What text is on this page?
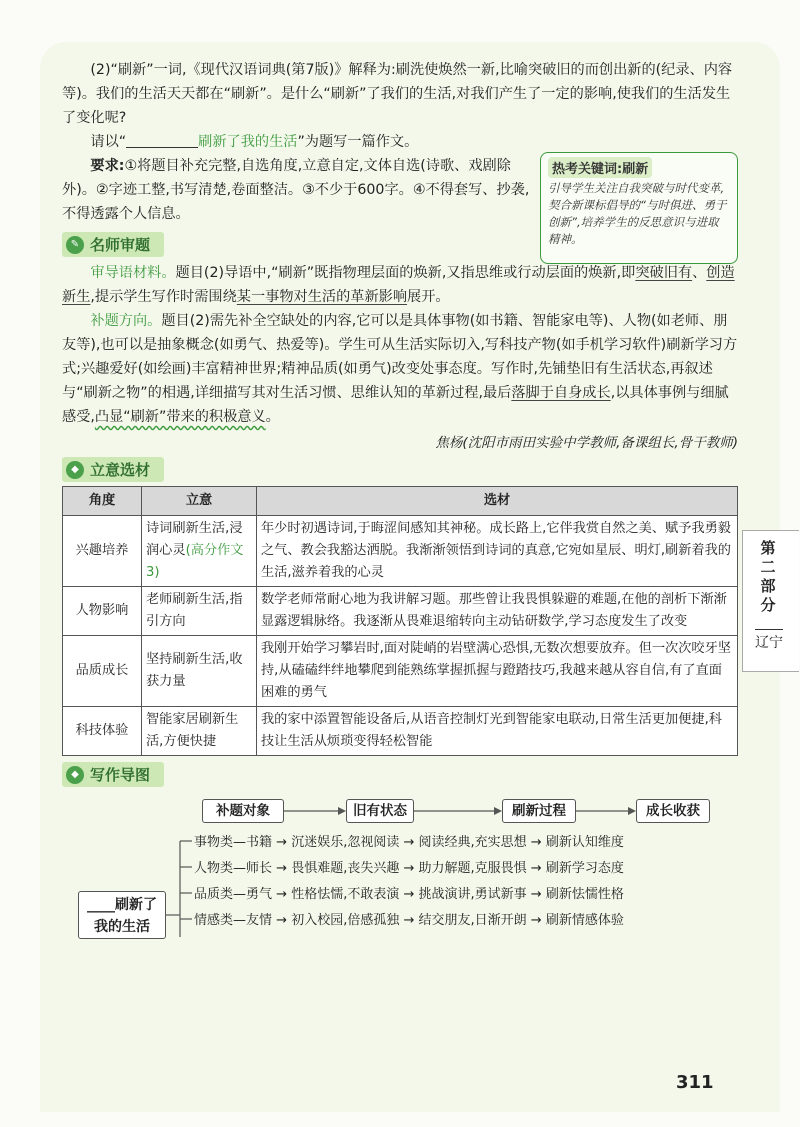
(2)“刷新”一词,《现代汉语词典(第7版)》解释为:刷洗使焕然一新,比喻突破旧的而创出新的(纪录、内容等)。我们的生活天天都在“刷新”。是什么“刷新”了我们的生活,对我们产生了一定的影响,使我们的生活发生了变化呢?

请以“	刷新了我的生活”为题写一篇作文。

要求:①将题目补充完整,自选角度,立意自定,文体自选(诗歌、戏剧除外)。②字迹工整,书写清楚,卷面整洁。③不少于600字。④不得套写、抄袭,不得透露个人信息。

热考关键词:刷新
引导学生关注自我突破与时代变革,契合新课标倡导的“与时俱进、勇于创新”,培养学生的反思意识与进取精神。
✎ 名师审题

审导语材料。题目(2)导语中,“刷新”既指物理层面的焕新,又指思维或行动层面的焕新,即突破旧有、创造新生,提示学生写作时需围绕某一事物对生活的革新影响展开。

补题方向。题目(2)需先补全空缺处的内容,它可以是具体事物(如书籍、智能家电等)、人物(如老师、朋友等),也可以是抽象概念(如勇气、热爱等)。学生可从生活实际切入,写科技产物(如手机学习软件)刷新学习方式;兴趣爱好(如绘画)丰富精神世界;精神品质(如勇气)改变处事态度。写作时,先铺垫旧有生活状态,再叙述与“刷新之物”的相遇,详细描写其对生活习惯、思维认知的革新过程,最后落脚于自身成长,以具体事例与细腻感受,凸显“刷新”带来的积极意义。

焦杨(沈阳市雨田实验中学教师,备课组长,骨干教师)
◆ 立意选材
角度	立意	选材
兴趣培养	诗词刷新生活,浸润心灵(高分作文3)	年少时初遇诗词,于晦涩间感知其神秘。成长路上,它伴我赏自然之美、赋予我勇毅之气、教会我豁达洒脱。我渐渐领悟到诗词的真意,它宛如星辰、明灯,刷新着我的生活,滋养着我的心灵
人物影响	老师刷新生活,指引方向	数学老师常耐心地为我讲解习题。那些曾让我畏惧躲避的难题,在他的剖析下渐渐显露逻辑脉络。我逐渐从畏难退缩转向主动钻研数学,学习态度发生了改变
品质成长	坚持刷新生活,收获力量	我刚开始学习攀岩时,面对陡峭的岩壁满心恐惧,无数次想要放弃。但一次次咬牙坚持,从磕磕绊绊地攀爬到能熟练掌握抓握与蹬踏技巧,我越来越从容自信,有了直面困难的勇气
科技体验	智能家居刷新生活,方便快捷	我的家中添置智能设备后,从语音控制灯光到智能家电联动,日常生活更加便捷,科技让生活从烦琐变得轻松智能
◆ 写作导图
补题对象	旧有状态	刷新过程	成长收获
____刷新了
我的生活
事物类—书籍 → 沉迷娱乐,忽视阅读 → 阅读经典,充实思想 → 刷新认知维度
人物类—师长 → 畏惧难题,丧失兴趣 → 助力解题,克服畏惧 → 刷新学习态度
品质类—勇气 → 性格怯懦,不敢表演 → 挑战演讲,勇试新事 → 刷新怯懦性格
情感类—友情 → 初入校园,倍感孤独 → 结交朋友,日渐开朗 → 刷新情感体验
第二部分
辽宁
311
